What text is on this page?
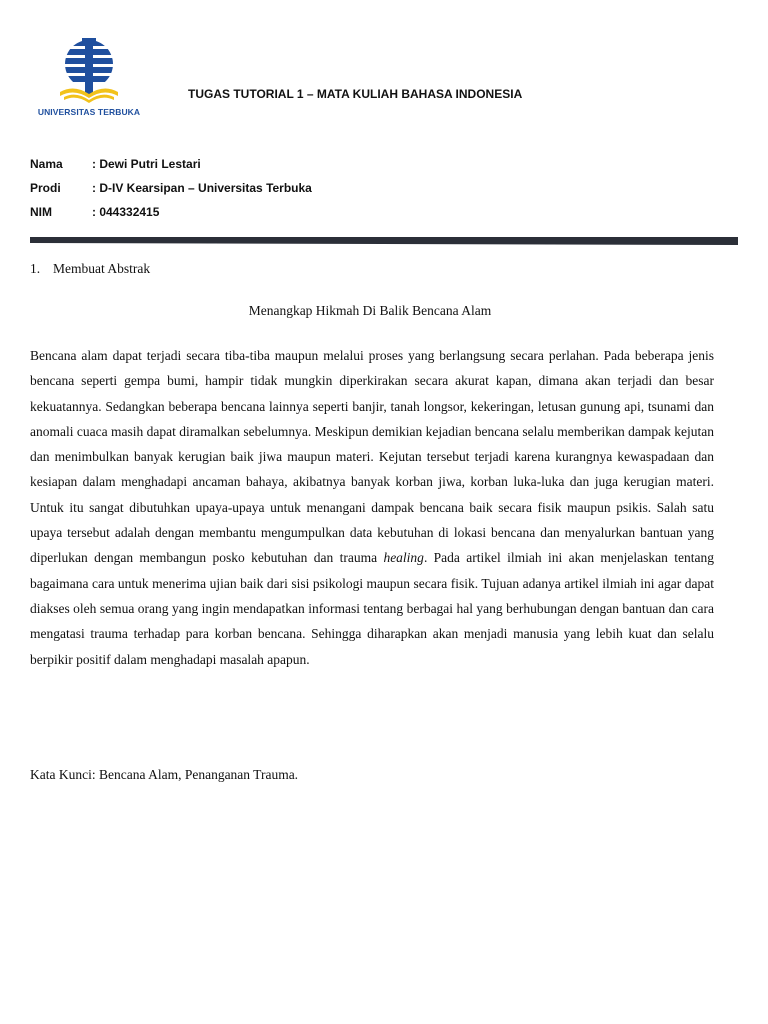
UNIVERSITAS TERBUKA
TUGAS TUTORIAL 1 – MATA KULIAH BAHASA INDONESIA
Nama : Dewi Putri Lestari
Prodi	: D-IV Kearsipan – Universitas Terbuka
NIM	: 044332415
1. Membuat Abstrak
Menangkap Hikmah Di Balik Bencana Alam

Bencana alam dapat terjadi secara tiba-tiba maupun melalui proses yang berlangsung secara perlahan. Pada beberapa jenis bencana seperti gempa bumi, hampir tidak mungkin diperkirakan secara akurat kapan, dimana akan terjadi dan besar kekuatannya. Sedangkan beberapa bencana lainnya seperti banjir, tanah longsor, kekeringan, letusan gunung api, tsunami dan anomali cuaca masih dapat diramalkan sebelumnya. Meskipun demikian kejadian bencana selalu memberikan dampak kejutan dan menimbulkan banyak kerugian baik jiwa maupun materi. Kejutan tersebut terjadi karena kurangnya kewaspadaan dan kesiapan dalam menghadapi ancaman bahaya, akibatnya banyak korban jiwa, korban luka-luka dan juga kerugian materi. Untuk itu sangat dibutuhkan upaya-upaya untuk menangani dampak bencana baik secara fisik maupun psikis. Salah satu upaya tersebut adalah dengan membantu mengumpulkan data kebutuhan di lokasi bencana dan menyalurkan bantuan yang diperlukan dengan membangun posko kebutuhan dan trauma healing. Pada artikel ilmiah ini akan menjelaskan tentang bagaimana cara untuk menerima ujian baik dari sisi psikologi maupun secara fisik. Tujuan adanya artikel ilmiah ini agar dapat diakses oleh semua orang yang ingin mendapatkan informasi tentang berbagai hal yang berhubungan dengan bantuan dan cara mengatasi trauma terhadap para korban bencana. Sehingga diharapkan akan menjadi manusia yang lebih kuat dan selalu berpikir positif dalam menghadapi masalah apapun.

Kata Kunci: Bencana Alam, Penanganan Trauma.
